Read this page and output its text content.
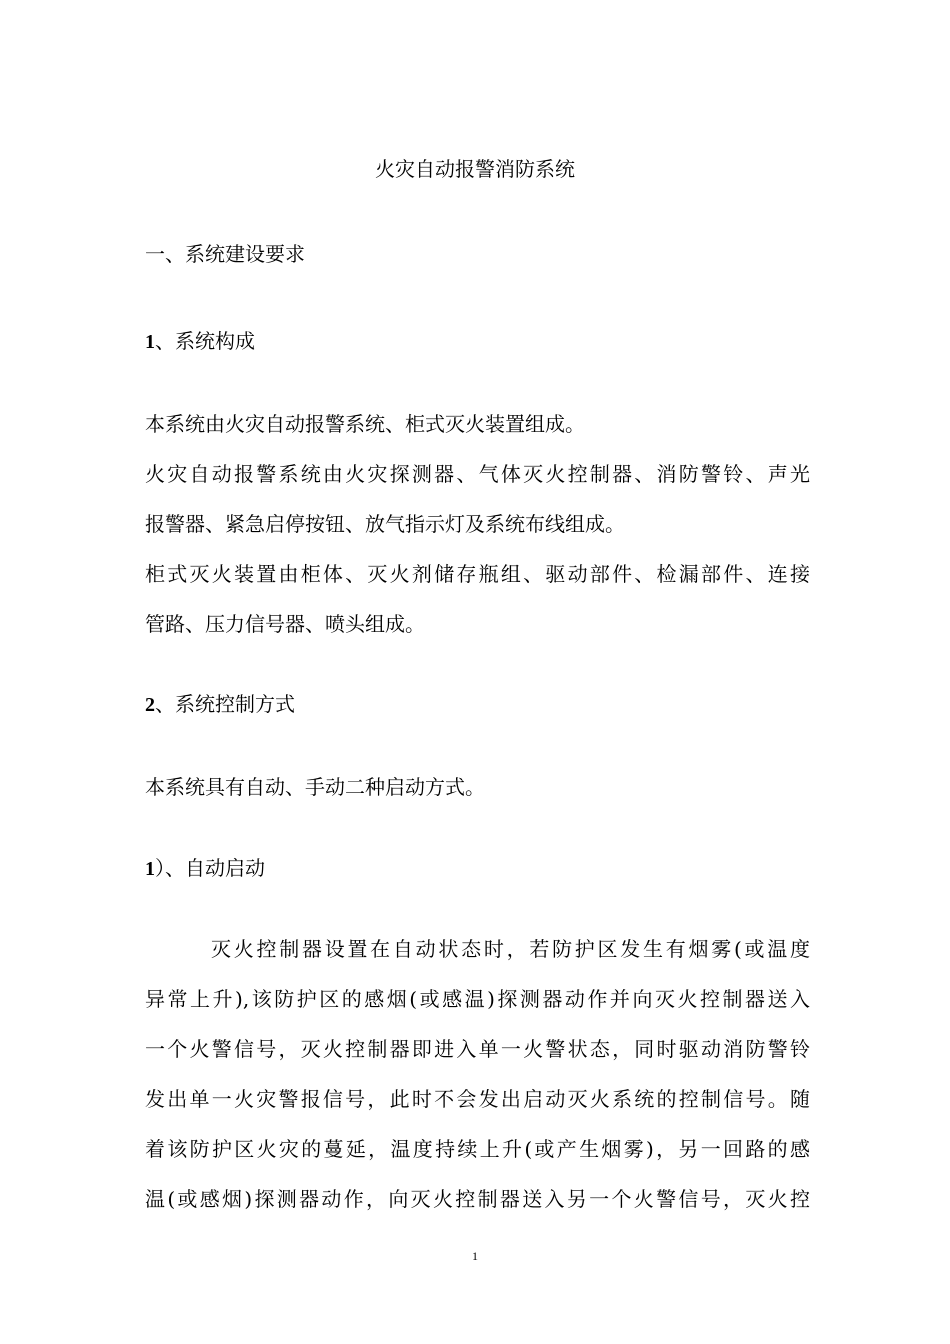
火灾自动报警消防系统
一、系统建设要求
1、系统构成
本系统由火灾自动报警系统、柜式灭火装置组成。
火灾自动报警系统由火灾探测器、气体灭火控制器、消防警铃、声光
报警器、紧急启停按钮、放气指示灯及系统布线组成。
柜式灭火装置由柜体、灭火剂储存瓶组、驱动部件、检漏部件、连接
管路、压力信号器、喷头组成。
2、系统控制方式
本系统具有自动、手动二种启动方式。
1）、自动启动
灭火控制器设置在自动状态时，若防护区发生有烟雾(或温度
异常上升),该防护区的感烟(或感温)探测器动作并向灭火控制器送入
一个火警信号，灭火控制器即进入单一火警状态，同时驱动消防警铃
发出单一火灾警报信号，此时不会发出启动灭火系统的控制信号。随
着该防护区火灾的蔓延，温度持续上升(或产生烟雾)，另一回路的感
温(或感烟)探测器动作，向灭火控制器送入另一个火警信号，灭火控
1
